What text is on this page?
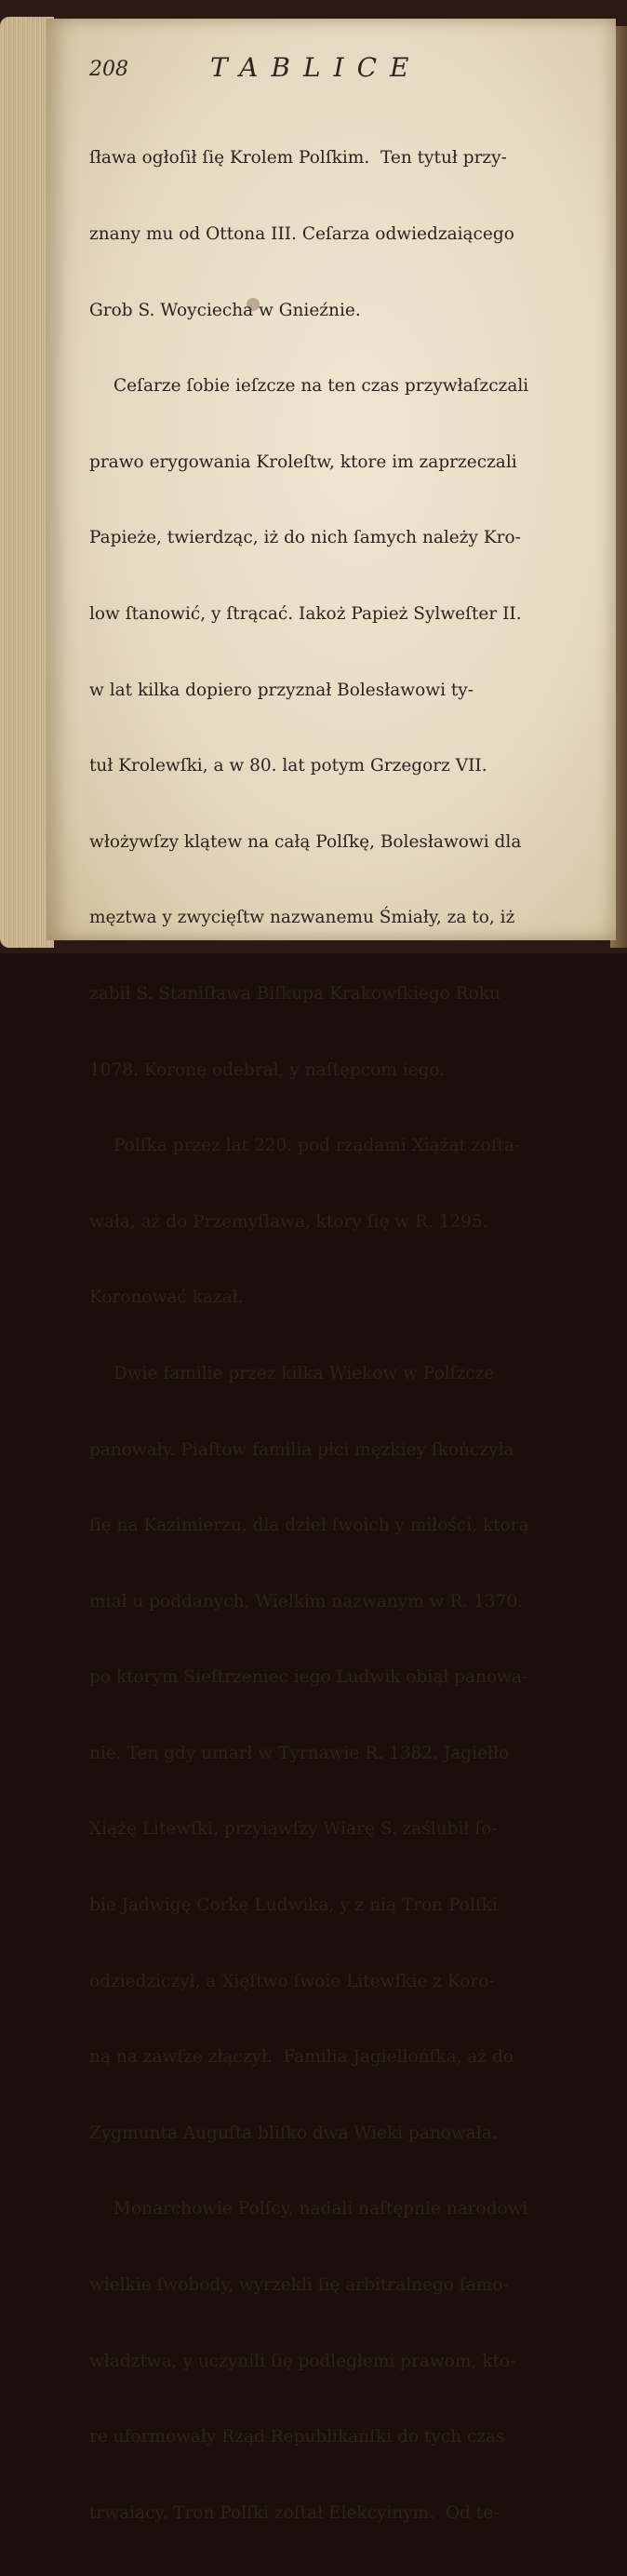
208	TABLICE

ſława ogłoſił ſię Krolem Polſkim.  Ten tytuł przy-

znany mu od Ottona III. Ceſarza odwiedzaiącego

Grob S. Woyciecha w Gnieźnie.

Ceſarze ſobie ieſzcze na ten czas przywłaſzczali

prawo erygowania Kroleſtw, ktore im zaprzeczali

Papieże, twierdząc, iż do nich ſamych należy Kro-

low ſtanowić, y ſtrącać. Iakoż Papież Sylweſter II.

w lat kilka dopiero przyznał Bolesławowi ty-

tuł Krolewſki, a w 80. lat potym Grzegorz VII.

włożywſzy klątew na całą Polſkę, Bolesławowi dla

męztwa y zwycięſtw nazwanemu Śmiały, za to, iż

zabił S. Staniſława Biſkupa Krakowſkiego Roku

1078. Koronę odebrał, y naſtępcom iego.

Polſka przez lat 220. pod rządami Xiążąt zoſta-

wała, aż do Przemyſława, ktory ſię w R. 1295.

Koronować kazał.

Dwie familie przez kilka Wiekow w Polſzcze

panowały. Piaſtow familia płci męzkiey ſkończyła

ſię na Kazimierzu, dla dzieł ſwoich y miłości, ktorą

miał u poddanych, Wielkim nazwanym w R. 1370.

po ktorym Sieſtrzeniec iego Ludwik obiął panowa-

nie. Ten gdy umarł w Tyrnawie R. 1382. Jagiełło

Xiążę Litewſki, przyiąwſzy Wiarę S. zaślubił ſo-

bie Jadwigę Corkę Ludwika, y z nią Tron Polſki

odziedziczył, a Xięſtwo ſwoie Litewſkie z Koro-

ną na zawſze złączył.  Familia Jagiellońſka, aż do

Zygmunta Auguſta bliſko dwa Wieki panowała.

Monarchowie Polſcy, nadali naſtępnie narodowi

wielkie ſwobody, wyrzekli ſię arbitralnego ſamo-

władztwa, y uczynili ſię podległemi prawom, kto-

re uformowały Rząd Republikańſki do tych czas

trwaiący. Tron Polſki zoſtał Elekcyinym.  Od te-
